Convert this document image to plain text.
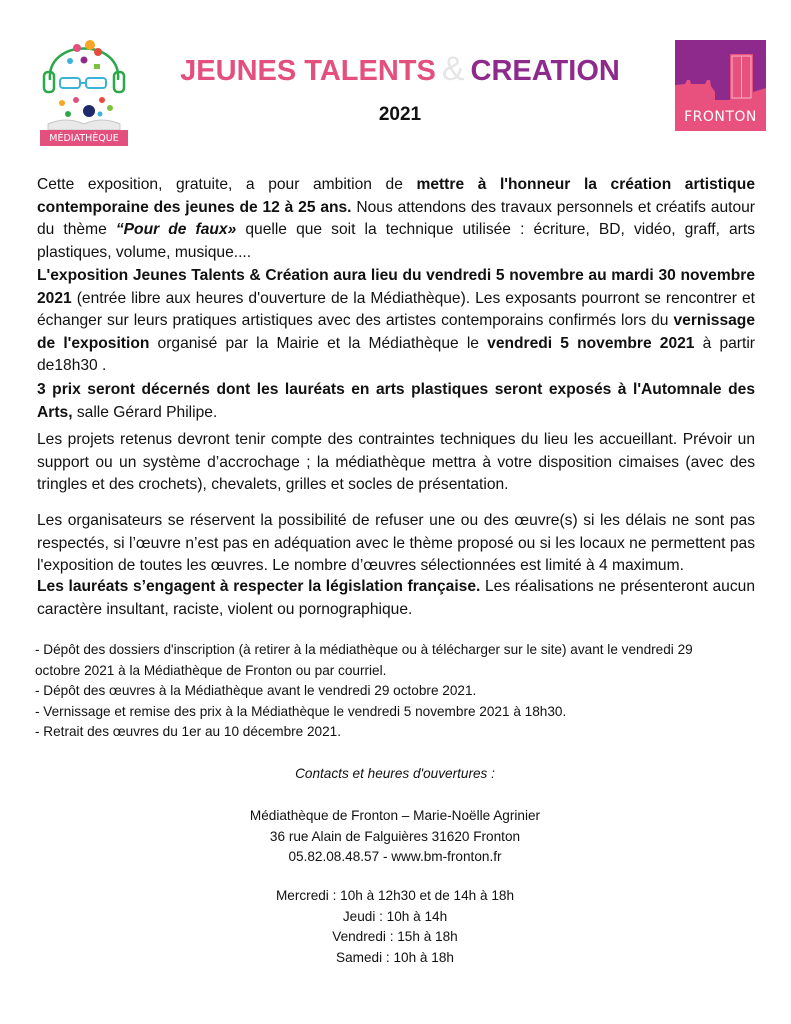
MÉDIATHÈQUE
FRONTON
JEUNES TALENTS & CREATION
2021
Cette exposition, gratuite, a pour ambition de mettre à l'honneur la création artistique contemporaine des jeunes de 12 à 25 ans. Nous attendons des travaux personnels et créatifs autour du thème “Pour de faux» quelle que soit la technique utilisée : écriture, BD, vidéo, graff, arts plastiques, volume, musique....
L'exposition Jeunes Talents & Création aura lieu du vendredi 5 novembre au mardi 30 novembre 2021 (entrée libre aux heures d'ouverture de la Médiathèque). Les exposants pourront se rencontrer et échanger sur leurs pratiques artistiques avec des artistes contemporains confirmés lors du vernissage de l'exposition organisé par la Mairie et la Médiathèque le vendredi 5 novembre 2021 à partir de18h30 .
3 prix seront décernés dont les lauréats en arts plastiques seront exposés à l'Automnale des Arts, salle Gérard Philipe.
Les projets retenus devront tenir compte des contraintes techniques du lieu les accueillant. Prévoir un support ou un système d’accrochage ; la médiathèque mettra à votre disposition cimaises (avec des tringles et des crochets), chevalets, grilles et socles de présentation.
Les organisateurs se réservent la possibilité de refuser une ou des œuvre(s) si les délais ne sont pas respectés, si l’œuvre n’est pas en adéquation avec le thème proposé ou si les locaux ne permettent pas l'exposition de toutes les œuvres. Le nombre d’œuvres sélectionnées est limité à 4 maximum.
Les lauréats s’engagent à respecter la législation française. Les réalisations ne présenteront aucun caractère insultant, raciste, violent ou pornographique.
- Dépôt des dossiers d'inscription (à retirer à la médiathèque ou à télécharger sur le site) avant le vendredi 29
octobre 2021 à la Médiathèque de Fronton ou par courriel.
- Dépôt des œuvres à la Médiathèque avant le vendredi 29 octobre 2021.
- Vernissage et remise des prix à la Médiathèque le vendredi 5 novembre 2021 à 18h30.
- Retrait des œuvres du 1er au 10 décembre 2021.
Contacts et heures d'ouvertures :
Médiathèque de Fronton – Marie-Noëlle Agrinier
36 rue Alain de Falguières 31620 Fronton
05.82.08.48.57 - www.bm-fronton.fr
Mercredi : 10h à 12h30 et de 14h à 18h
Jeudi : 10h à 14h
Vendredi : 15h à 18h
Samedi : 10h à 18h
